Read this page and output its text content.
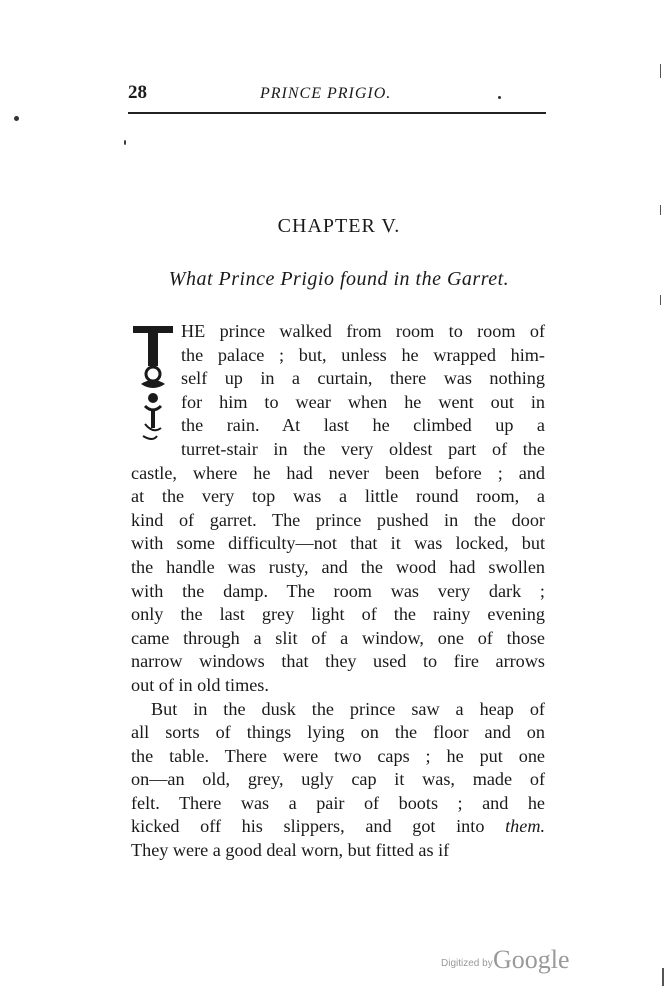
28	PRINCE PRIGIO.
CHAPTER V.
What Prince Prigio found in the Garret.
HE prince walked from room to room of
the palace ; but, unless he wrapped him-
self up in a curtain, there was nothing
for him to wear when he went out in
the rain. At last he climbed up a
turret-stair in the very oldest part of the
castle, where he had never been before ; and
at the very top was a little round room, a
kind of garret. The prince pushed in the door
with some difficulty—not that it was locked, but
the handle was rusty, and the wood had swollen
with the damp. The room was very dark ;
only the last grey light of the rainy evening
came through a slit of a window, one of those
narrow windows that they used to fire arrows
out of in old times.
But in the dusk the prince saw a heap of
all sorts of things lying on the floor and on
the table. There were two caps ; he put one
on—an old, grey, ugly cap it was, made of
felt. There was a pair of boots ; and he
kicked off his slippers, and got into them.
They were a good deal worn, but fitted as if
Digitized by Google
